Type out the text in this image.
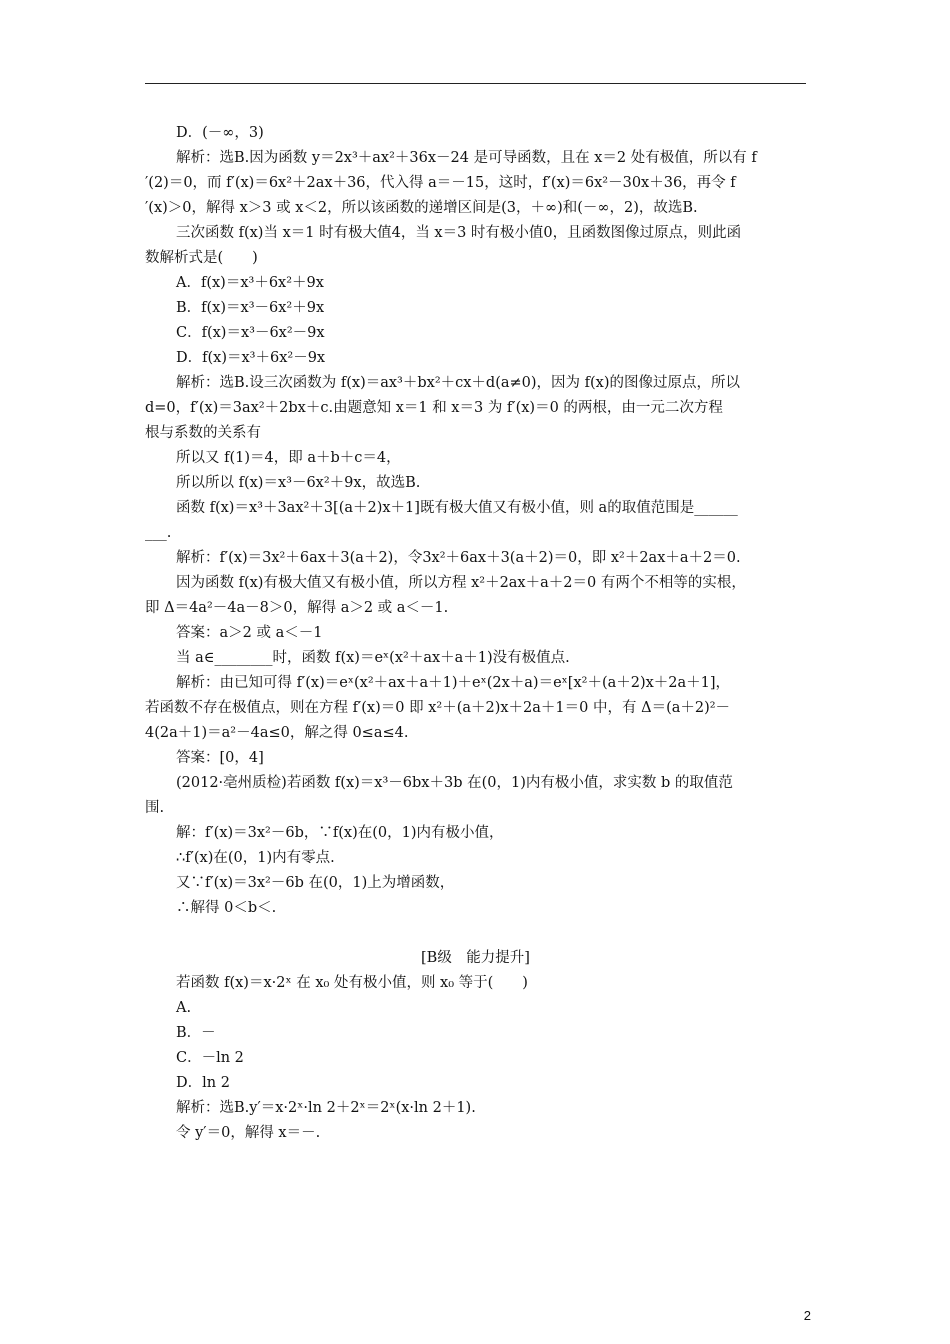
D．(－∞，3)
解析：选B.因为函数 y＝2x³＋ax²＋36x－24 是可导函数，且在 x＝2 处有极值，所以有 f
′(2)＝0，而 f′(x)＝6x²＋2ax＋36，代入得 a＝－15，这时，f′(x)＝6x²－30x＋36，再令 f
′(x)＞0，解得 x＞3 或 x＜2，所以该函数的递增区间是(3，＋∞)和(－∞，2)，故选B.
三次函数 f(x)当 x＝1 时有极大值4，当 x＝3 时有极小值0，且函数图像过原点，则此函
数解析式是(　　)
A．f(x)＝x³＋6x²＋9x
B．f(x)＝x³－6x²＋9x
C．f(x)＝x³－6x²－9x
D．f(x)＝x³＋6x²－9x
解析：选B.设三次函数为 f(x)＝ax³＋bx²＋cx＋d(a≠0)，因为 f(x)的图像过原点，所以
d=0，f′(x)＝3ax²＋2bx＋c.由题意知 x＝1 和 x＝3 为 f′(x)＝0 的两根，由一元二次方程
根与系数的关系有
所以又 f(1)＝4，即 a＋b＋c＝4，
所以所以 f(x)＝x³－6x²＋9x，故选B.
函数 f(x)＝x³＋3ax²＋3[(a＋2)x＋1]既有极大值又有极小值，则 a的取值范围是______
___.
解析：f′(x)＝3x²＋6ax＋3(a＋2)，令3x²＋6ax＋3(a＋2)＝0，即 x²＋2ax＋a＋2＝0.
因为函数 f(x)有极大值又有极小值，所以方程 x²＋2ax＋a＋2＝0 有两个不相等的实根，
即 Δ＝4a²－4a－8＞0，解得 a＞2 或 a＜－1.
答案：a＞2 或 a＜－1
当 a∈________时，函数 f(x)＝eˣ(x²＋ax＋a＋1)没有极值点.
解析：由已知可得 f′(x)＝eˣ(x²＋ax＋a＋1)＋eˣ(2x＋a)＝eˣ[x²＋(a＋2)x＋2a＋1]，
若函数不存在极值点，则在方程 f′(x)＝0 即 x²＋(a＋2)x＋2a＋1＝0 中，有 Δ＝(a＋2)²－
4(2a＋1)＝a²－4a≤0，解之得 0≤a≤4.
答案：[0，4]
(2012·亳州质检)若函数 f(x)＝x³－6bx＋3b 在(0，1)内有极小值，求实数 b 的取值范
围.
解：f′(x)＝3x²－6b，∵f(x)在(0，1)内有极小值，
∴f′(x)在(0，1)内有零点.
又∵f′(x)＝3x²－6b 在(0，1)上为增函数，
∴解得 0＜b＜.
[B级　能力提升]
若函数 f(x)＝x·2ˣ 在 x₀ 处有极小值，则 x₀ 等于(　　)
A.
B．－
C．－ln 2
D．ln 2
解析：选B.y′＝x·2ˣ·ln 2＋2ˣ＝2ˣ(x·ln 2＋1).
令 y′＝0，解得 x＝－.
2
